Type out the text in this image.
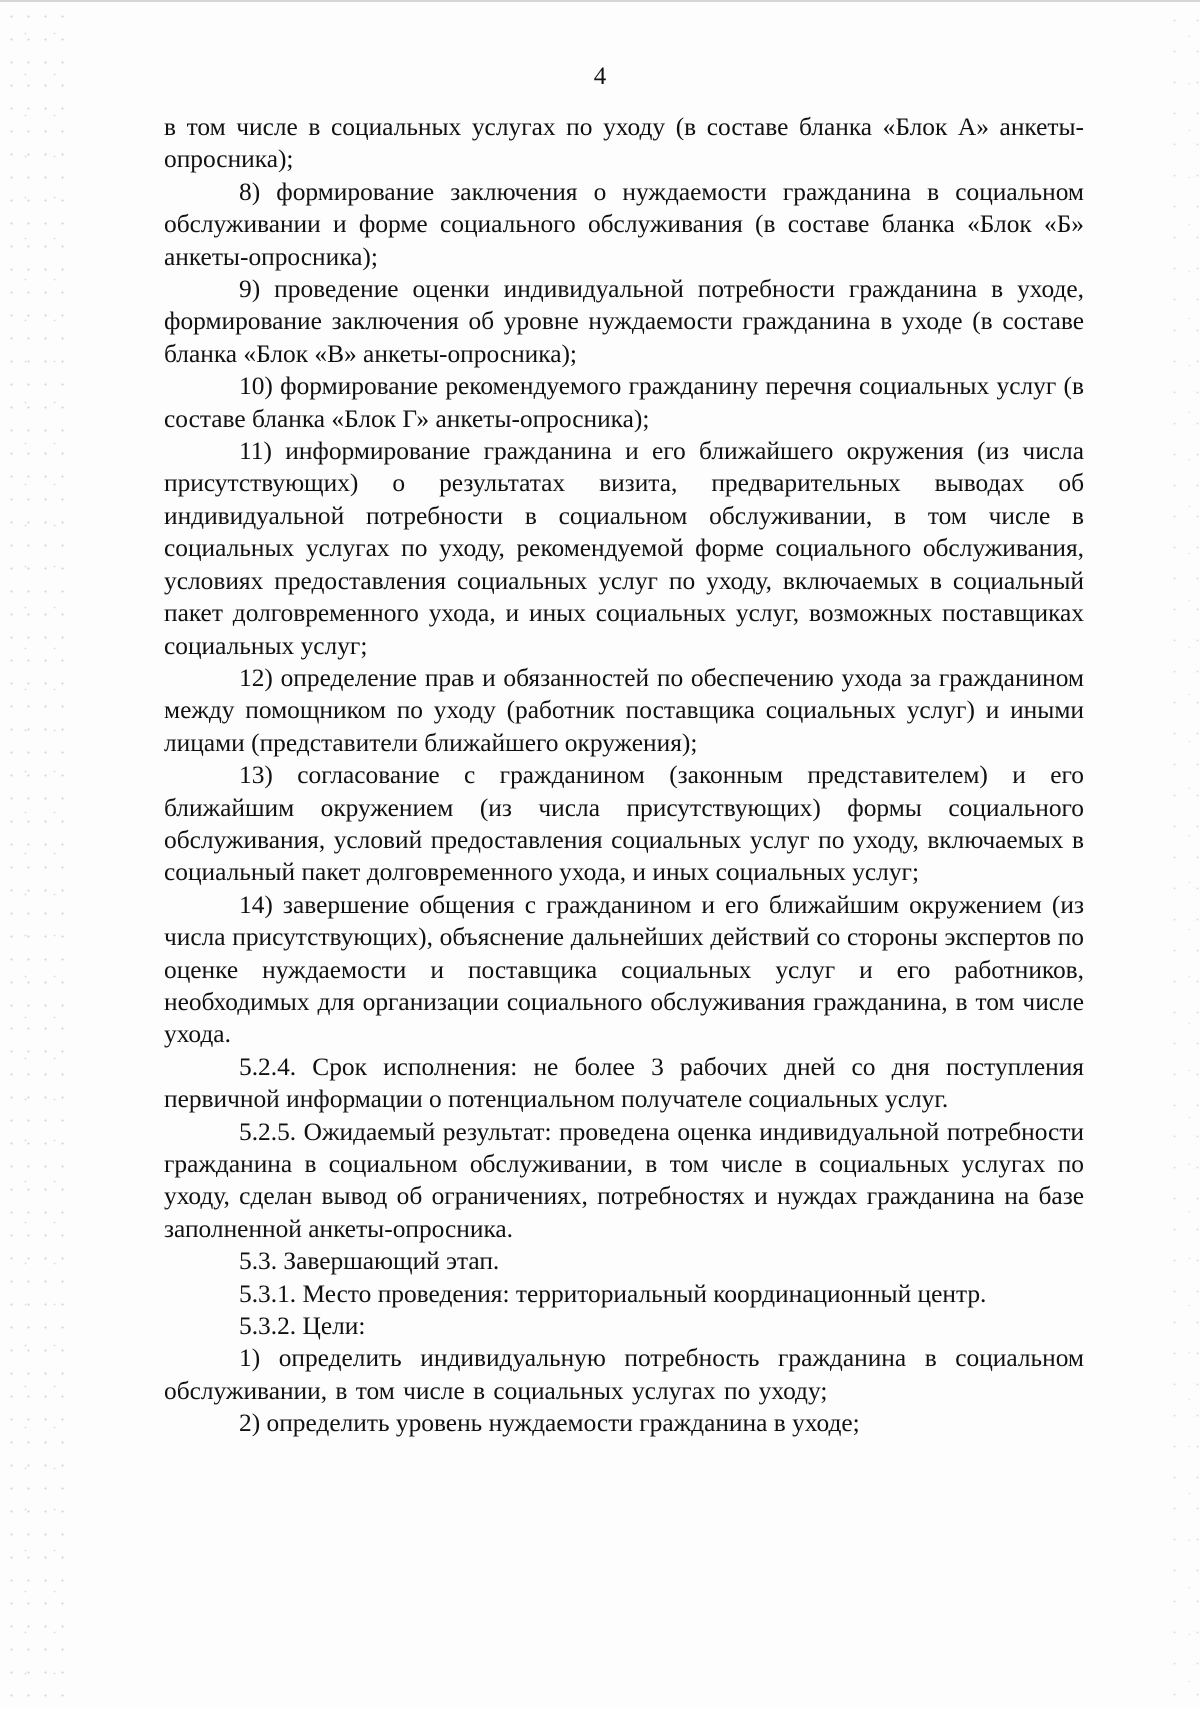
4

в том числе в социальных услугах по уходу (в составе бланка «Блок А» анкеты-опросника);

8) формирование заключения о нуждаемости гражданина в социальном обслуживании и форме социального обслуживания (в составе бланка «Блок «Б» анкеты-опросника);

9) проведение оценки индивидуальной потребности гражданина в уходе, формирование заключения об уровне нуждаемости гражданина в уходе (в составе бланка «Блок «В» анкеты-опросника);

10) формирование рекомендуемого гражданину перечня социальных услуг (в составе бланка «Блок Г» анкеты-опросника);

11) информирование гражданина и его ближайшего окружения (из числа присутствующих) о результатах визита, предварительных выводах об индивидуальной потребности в социальном обслуживании, в том числе в социальных услугах по уходу, рекомендуемой форме социального обслуживания, условиях предоставления социальных услуг по уходу, включаемых в социальный пакет долговременного ухода, и иных социальных услуг, возможных поставщиках социальных услуг;

12) определение прав и обязанностей по обеспечению ухода за гражданином между помощником по уходу (работник поставщика социальных услуг) и иными лицами (представители ближайшего окружения);

13) согласование с гражданином (законным представителем) и его ближайшим окружением (из числа присутствующих) формы социального обслуживания, условий предоставления социальных услуг по уходу, включаемых в социальный пакет долговременного ухода, и иных социальных услуг;

14) завершение общения с гражданином и его ближайшим окружением (из числа присутствующих), объяснение дальнейших действий со стороны экспертов по оценке нуждаемости и поставщика социальных услуг и его работников, необходимых для организации социального обслуживания гражданина, в том числе ухода.

5.2.4. Срок исполнения: не более 3 рабочих дней со дня поступления первичной информации о потенциальном получателе социальных услуг.

5.2.5. Ожидаемый результат: проведена оценка индивидуальной потребности гражданина в социальном обслуживании, в том числе в социальных услугах по уходу, сделан вывод об ограничениях, потребностях и нуждах гражданина на базе заполненной анкеты-опросника.

5.3. Завершающий этап.

5.3.1. Место проведения: территориальный координационный центр.

5.3.2. Цели:

1) определить индивидуальную потребность гражданина в социальном обслуживании, в том числе в социальных услугах по уходу;

2) определить уровень нуждаемости гражданина в уходе;
